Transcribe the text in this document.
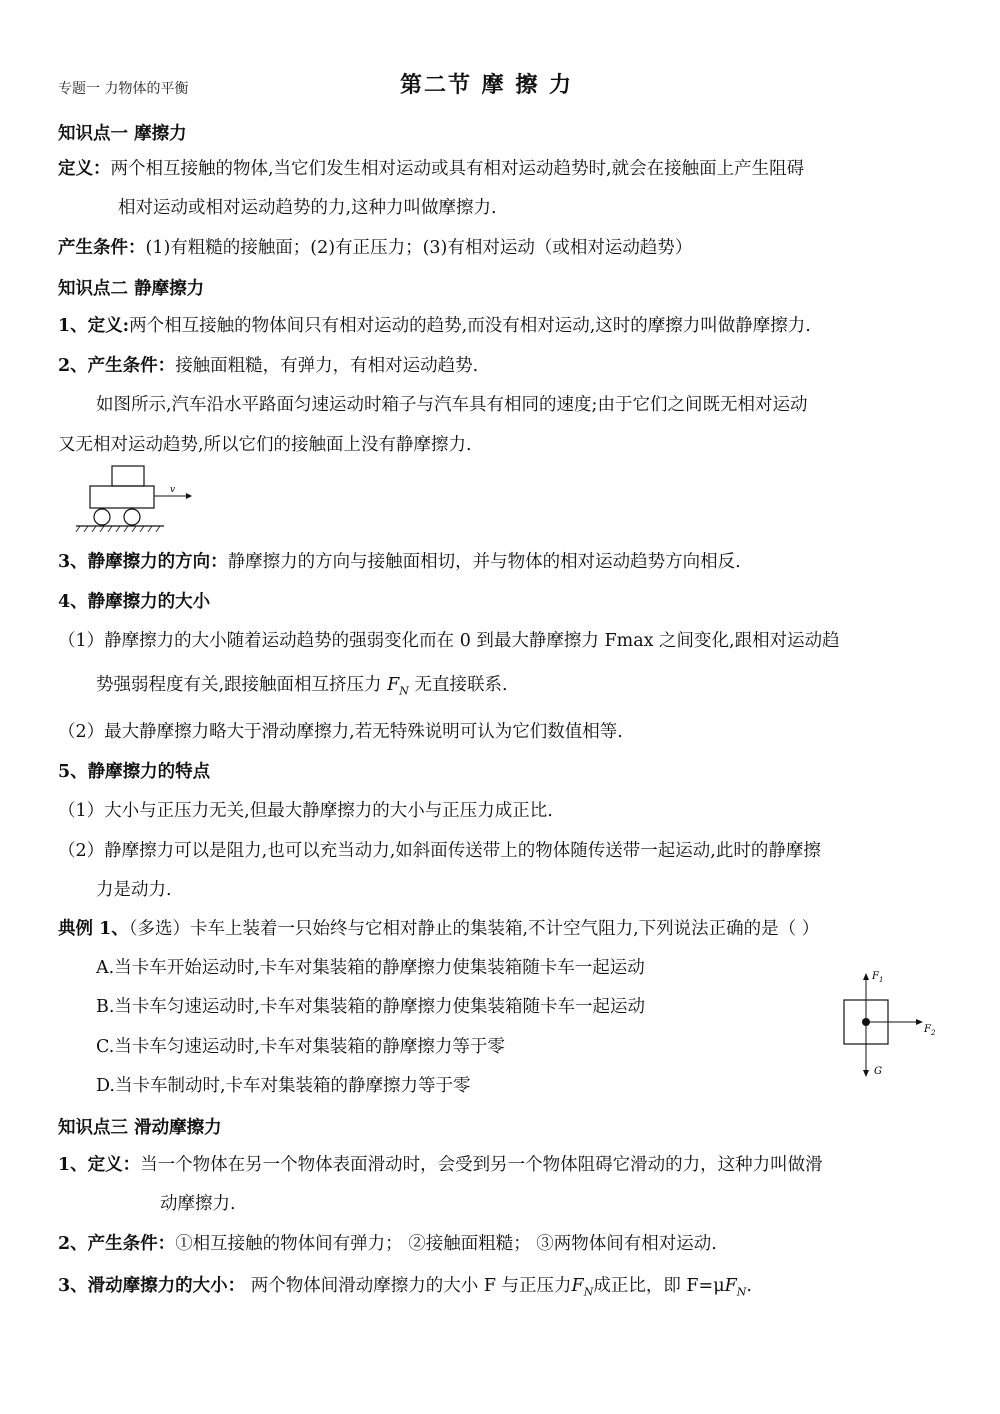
专题一 力物体的平衡	第二节 摩 擦 力
知识点一 摩擦力
定义：两个相互接触的物体,当它们发生相对运动或具有相对运动趋势时,就会在接触面上产生阻碍
相对运动或相对运动趋势的力,这种力叫做摩擦力.
产生条件：(1)有粗糙的接触面；(2)有正压力；(3)有相对运动（或相对运动趋势）
知识点二 静摩擦力
1、定义:两个相互接触的物体间只有相对运动的趋势,而没有相对运动,这时的摩擦力叫做静摩擦力.
2、产生条件：接触面粗糙，有弹力，有相对运动趋势.
如图所示,汽车沿水平路面匀速运动时箱子与汽车具有相同的速度;由于它们之间既无相对运动
又无相对运动趋势,所以它们的接触面上没有静摩擦力.
v
3、静摩擦力的方向：静摩擦力的方向与接触面相切，并与物体的相对运动趋势方向相反.
4、静摩擦力的大小
（1）静摩擦力的大小随着运动趋势的强弱变化而在 0 到最大静摩擦力 Fmax 之间变化,跟相对运动趋
势强弱程度有关,跟接触面相互挤压力 $F_N$ 无直接联系.
（2）最大静摩擦力略大于滑动摩擦力,若无特殊说明可认为它们数值相等.
5、静摩擦力的特点
（1）大小与正压力无关,但最大静摩擦力的大小与正压力成正比.
（2）静摩擦力可以是阻力,也可以充当动力,如斜面传送带上的物体随传送带一起运动,此时的静摩擦
力是动力.
典例 1、（多选）卡车上装着一只始终与它相对静止的集装箱,不计空气阻力,下列说法正确的是（ ）
A.当卡车开始运动时,卡车对集装箱的静摩擦力使集装箱随卡车一起运动
B.当卡车匀速运动时,卡车对集装箱的静摩擦力使集装箱随卡车一起运动
C.当卡车匀速运动时,卡车对集装箱的静摩擦力等于零
D.当卡车制动时,卡车对集装箱的静摩擦力等于零
$F_1$
$F_2$
G
知识点三 滑动摩擦力
1、定义：当一个物体在另一个物体表面滑动时，会受到另一个物体阻碍它滑动的力，这种力叫做滑
动摩擦力.
2、产生条件：①相互接触的物体间有弹力； ②接触面粗糙； ③两物体间有相对运动.
3、滑动摩擦力的大小： 两个物体间滑动摩擦力的大小 F 与正压力$F_N$成正比，即 $F=\mu F_N$.
